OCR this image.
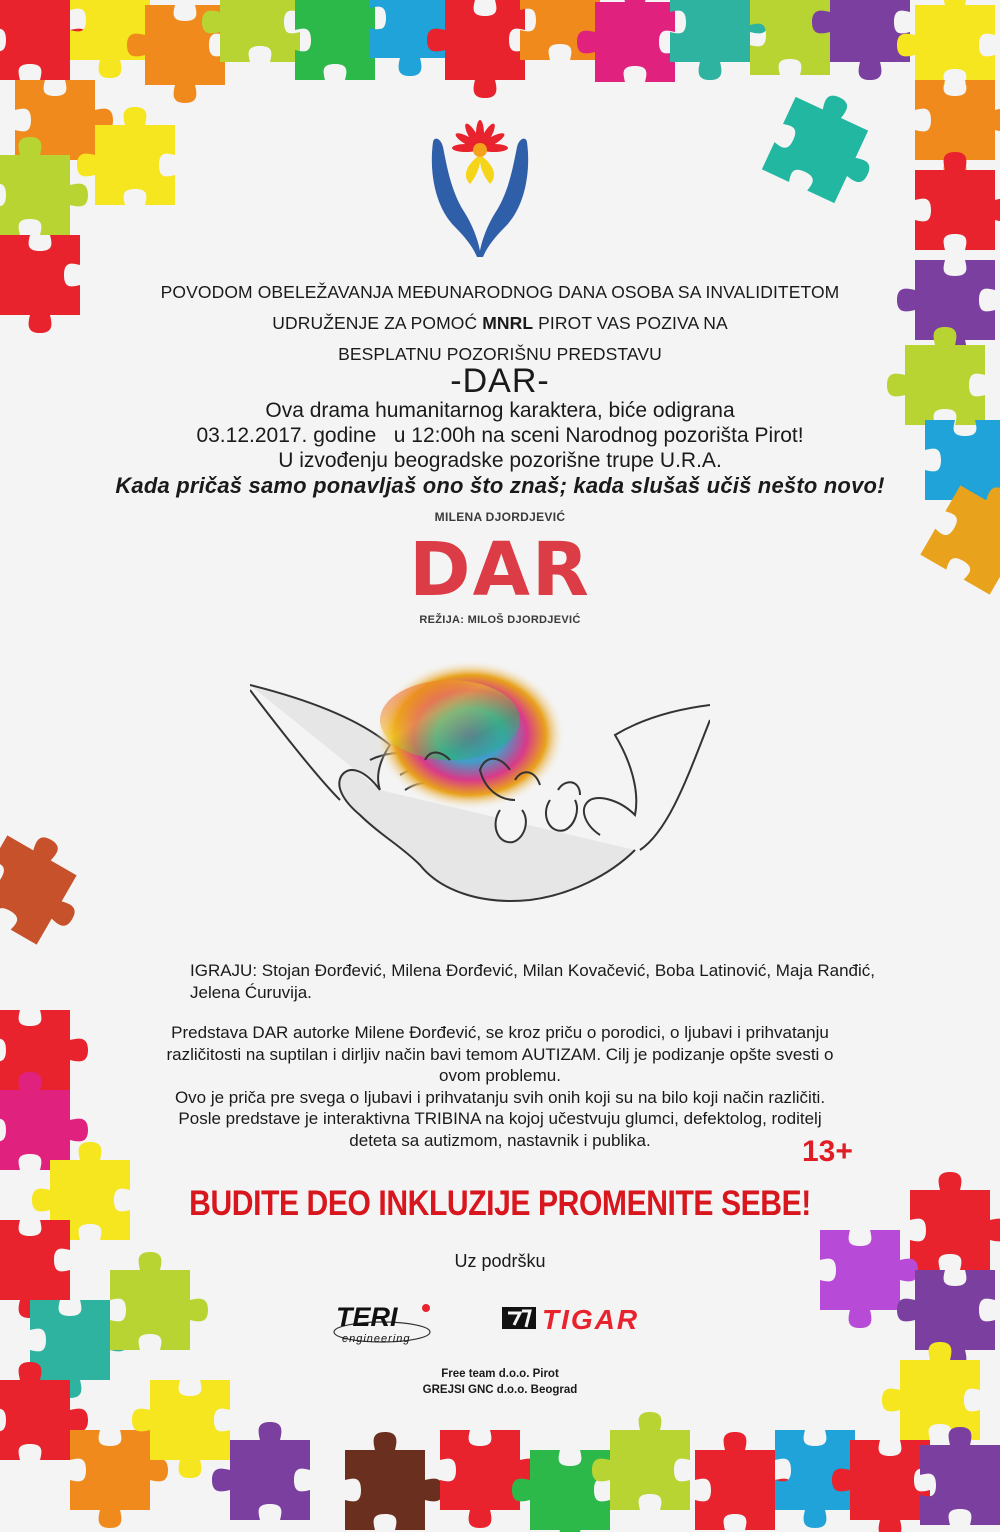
POVODOM OBELEŽAVANJA MEĐUNARODNOG DANA OSOBA SA INVALIDITETOM
UDRUŽENJE ZA POMOĆ MNRL PIROT VAS POZIVA NA
BESPLATNU POZORIŠNU PREDSTAVU
-DAR-
Ova drama humanitarnog karaktera, biće odigrana
03.12.2017. godine   u 12:00h na sceni Narodnog pozorišta Pirot!
U izvođenju beogradske pozorišne trupe U.R.A.
Kada pričaš samo ponavljaš ono što znaš; kada slušaš učiš nešto novo!
MILENA DJORDJEVIĆ
DAR
REŽIJA: MILOŠ DJORDJEVIĆ
IGRAJU: Stojan Đorđević, Milena Đorđević, Milan Kovačević, Boba Latinović, Maja Ranđić, Jelena Ćuruvija.
Predstava DAR autorke Milene Đorđević, se kroz priču o porodici, o ljubavi i prihvatanju
različitosti na suptilan i dirljiv način bavi temom AUTIZAM. Cilj je podizanje opšte svesti o
ovom problemu.
Ovo je priča pre svega o ljubavi i prihvatanju svih onih koji su na bilo koji način različiti.
Posle predstave je interaktivna TRIBINA na kojoj učestvuju glumci, defektolog, roditelj
deteta sa autizmom, nastavnik i publika.	13+
BUDITE DEO INKLUZIJE PROMENITE SEBE!
Uz podršku
TERI
engineering
TIGAR
Free team d.o.o. Pirot
GREJSI GNC d.o.o. Beograd
